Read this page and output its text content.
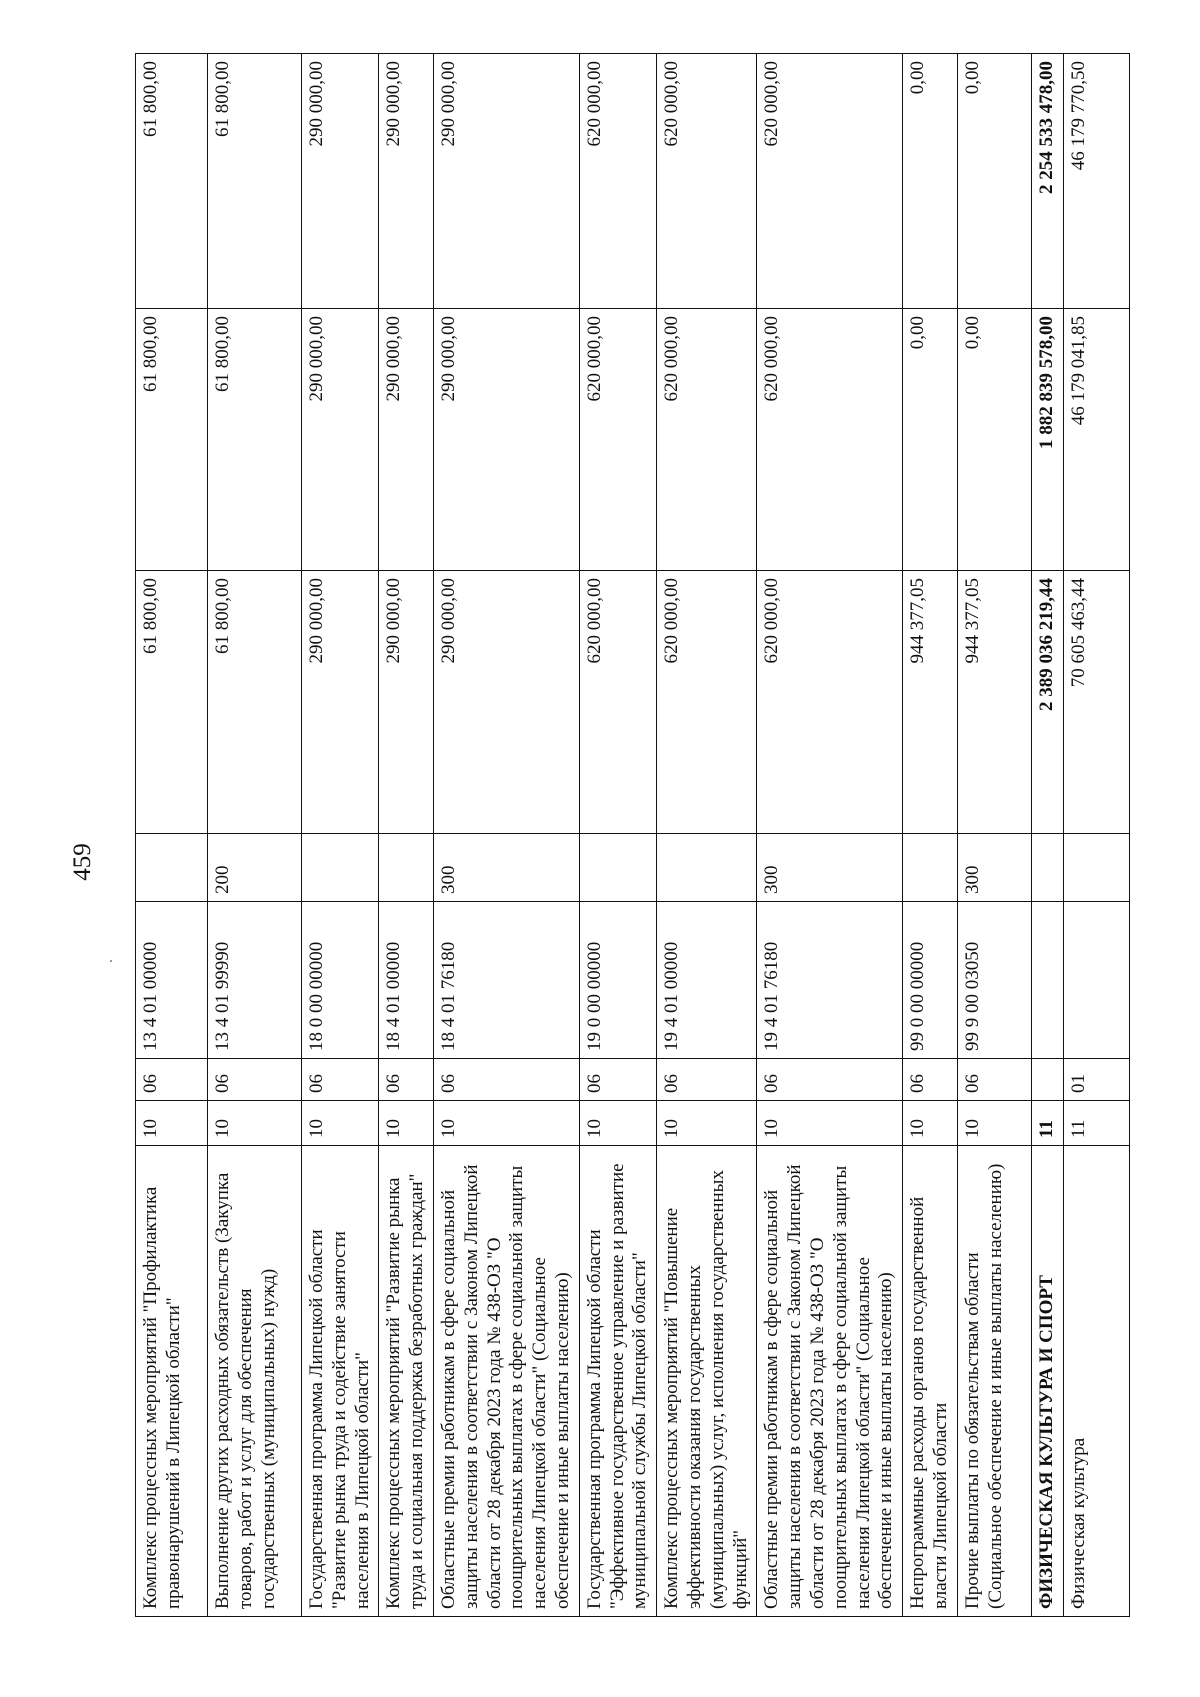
459
Комплекс процессных мероприятий "Профилактика правонарушений в Липецкой области"	10	06	13 4 01 00000		61 800,00	61 800,00	61 800,00
Выполнение других расходных обязательств (Закупка товаров, работ и услуг для обеспечения государственных (муниципальных) нужд)	10	06	13 4 01 99990	200	61 800,00	61 800,00	61 800,00
Государственная программа Липецкой области "Развитие рынка труда и содействие занятости населения в Липецкой области"	10	06	18 0 00 00000		290 000,00	290 000,00	290 000,00
Комплекс процессных мероприятий "Развитие рынка труда и социальная поддержка безработных граждан"	10	06	18 4 01 00000		290 000,00	290 000,00	290 000,00
Областные премии работникам в сфере социальной защиты населения в соответствии с Законом Липецкой области от 28 декабря 2023 года № 438-ОЗ "О поощрительных выплатах в сфере социальной защиты населения Липецкой области" (Социальное обеспечение и иные выплаты населению)	10	06	18 4 01 76180	300	290 000,00	290 000,00	290 000,00
Государственная программа Липецкой области "Эффективное государственное управление и развитие муниципальной службы Липецкой области"	10	06	19 0 00 00000		620 000,00	620 000,00	620 000,00
Комплекс процессных мероприятий "Повышение эффективности оказания государственных (муниципальных) услуг, исполнения государственных функций"	10	06	19 4 01 00000		620 000,00	620 000,00	620 000,00
Областные премии работникам в сфере социальной защиты населения в соответствии с Законом Липецкой области от 28 декабря 2023 года № 438-ОЗ "О поощрительных выплатах в сфере социальной защиты населения Липецкой области" (Социальное обеспечение и иные выплаты населению)	10	06	19 4 01 76180	300	620 000,00	620 000,00	620 000,00
Непрограммные расходы органов государственной власти Липецкой области	10	06	99 0 00 00000		944 377,05	0,00	0,00
Прочие выплаты по обязательствам области (Социальное обеспечение и иные выплаты населению)	10	06	99 9 00 03050	300	944 377,05	0,00	0,00
ФИЗИЧЕСКАЯ КУЛЬТУРА И СПОРТ	11				2 389 036 219,44	1 882 839 578,00	2 254 533 478,00
Физическая культура	11	01			70 605 463,44	46 179 041,85	46 179 770,50
